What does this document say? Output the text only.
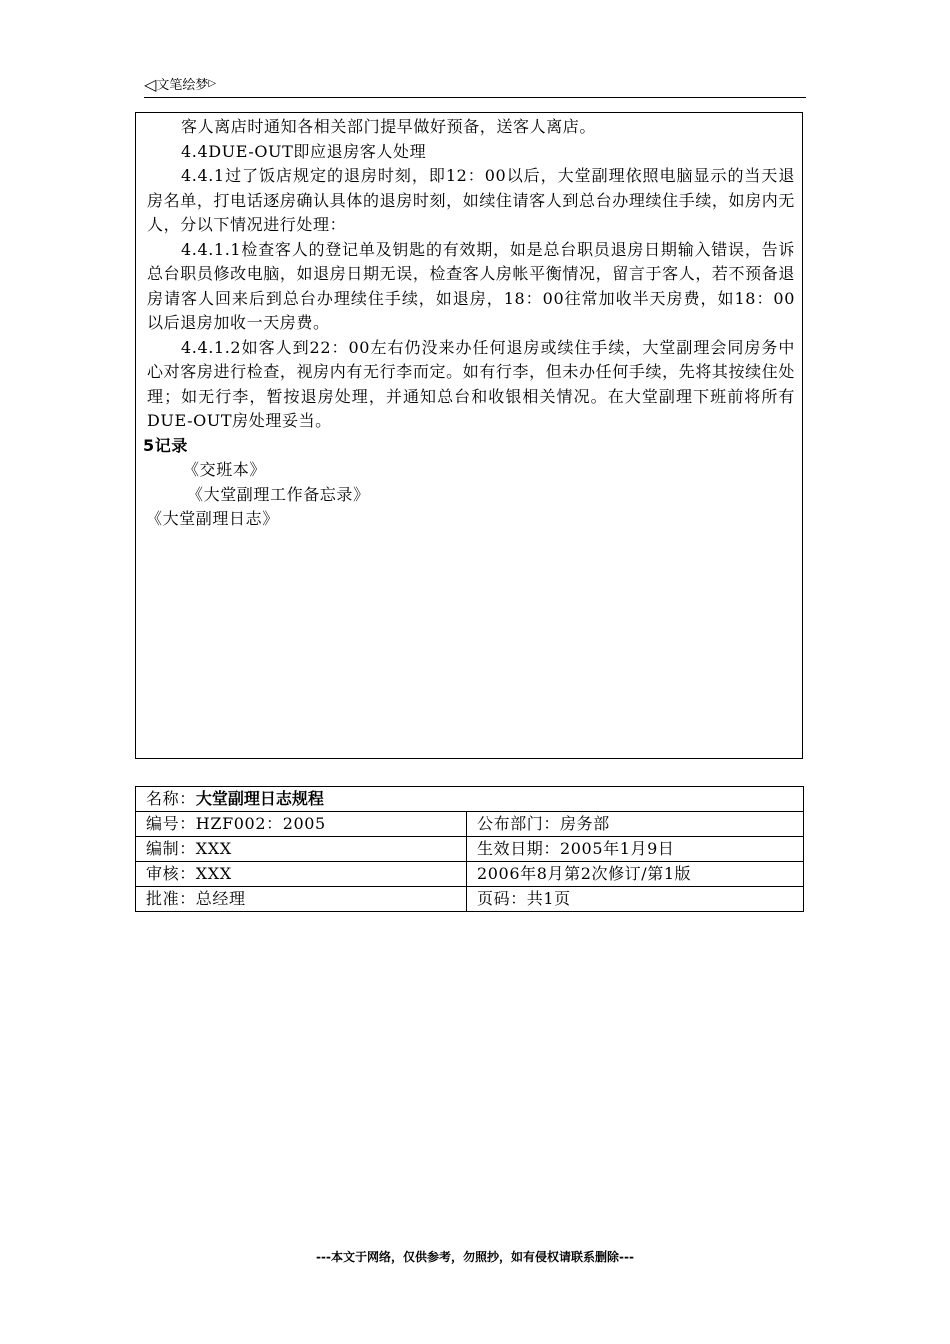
◁文笔绘梦▷

客人离店时通知各相关部门提早做好预备，送客人离店。

4.4DUE-OUT即应退房客人处理

4.4.1过了饭店规定的退房时刻，即12：00以后，大堂副理依照电脑显示的当天退房名单，打电话逐房确认具体的退房时刻，如续住请客人到总台办理续住手续，如房内无人，分以下情况进行处理：

4.4.1.1检查客人的登记单及钥匙的有效期，如是总台职员退房日期输入错误，告诉总台职员修改电脑，如退房日期无误，检查客人房帐平衡情况，留言于客人，若不预备退房请客人回来后到总台办理续住手续，如退房，18：00往常加收半天房费，如18：00以后退房加收一天房费。

4.4.1.2如客人到22：00左右仍没来办任何退房或续住手续，大堂副理会同房务中心对客房进行检查，视房内有无行李而定。如有行李，但未办任何手续，先将其按续住处理；如无行李，暂按退房处理，并通知总台和收银相关情况。在大堂副理下班前将所有DUE-OUT房处理妥当。

5记录

《交班本》

《大堂副理工作备忘录》

《大堂副理日志》

名称：大堂副理日志规程	
编号：HZF002：2005	公布部门：房务部
编制：XXX	生效日期：2005年1月9日
审核：XXX	2006年8月第2次修订/第1版
批准：总经理	页码：共1页
---本文于网络，仅供参考，勿照抄，如有侵权请联系删除---
